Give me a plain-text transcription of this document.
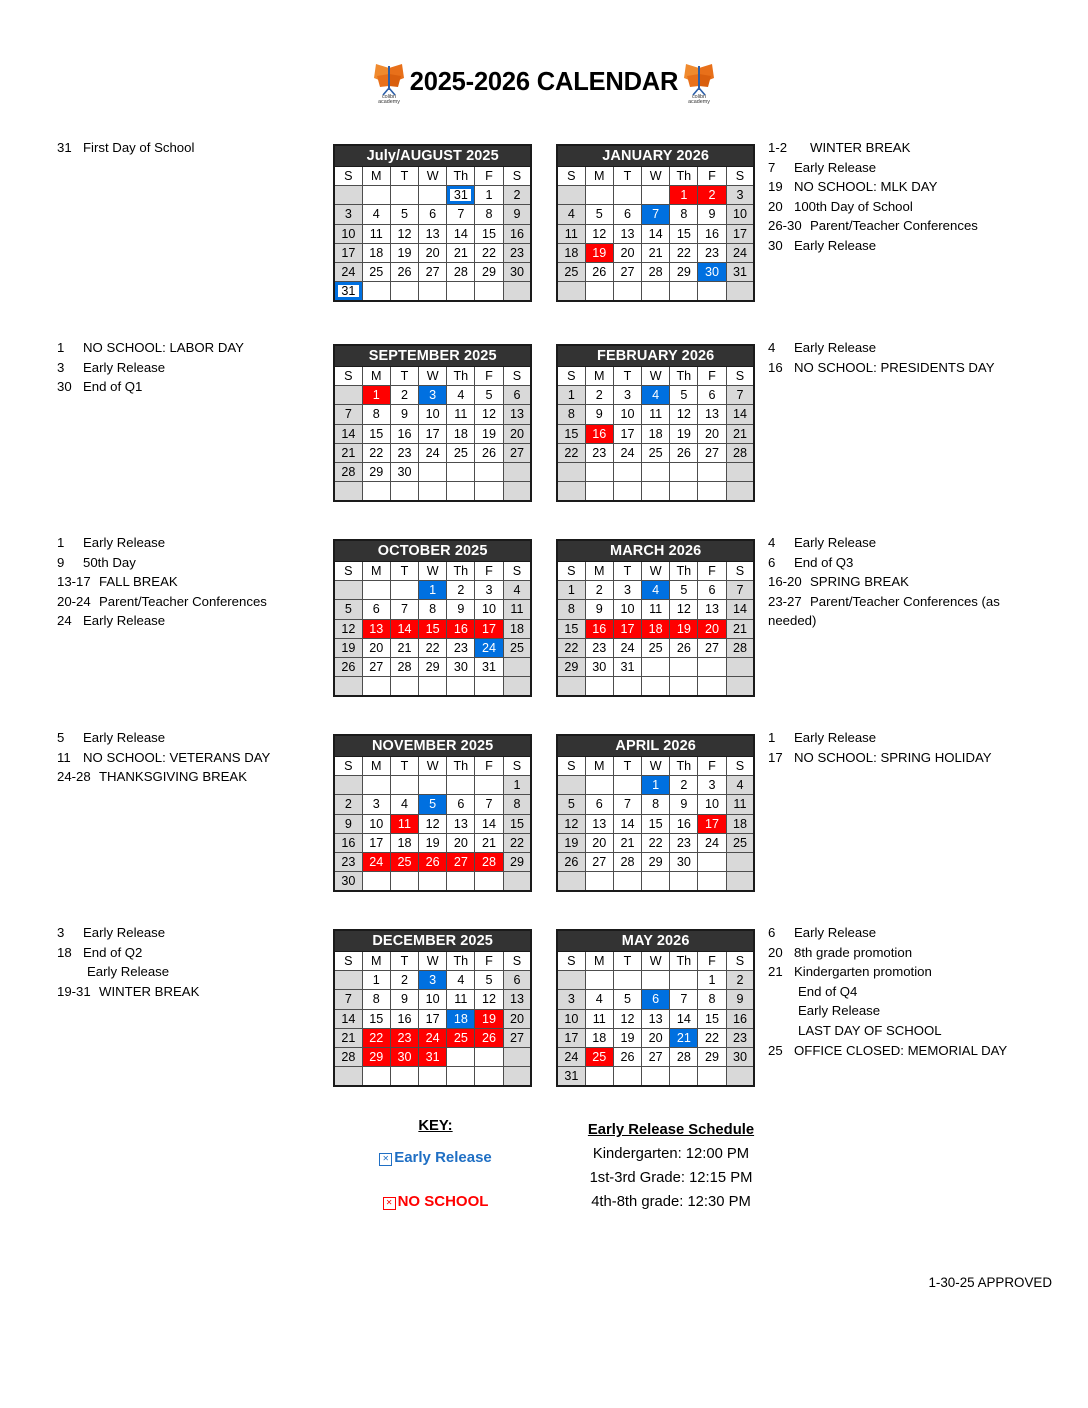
colibri
academy
2025-2026 CALENDAR
colibri
academy
31 First Day of School
July/AUGUST 2025						
S	M	T	W	Th	F	S
				31	1	2
3	4	5	6	7	8	9
10	11	12	13	14	15	16
17	18	19	20	21	22	23
24	25	26	27	28	29	30
31						
JANUARY 2026						
S	M	T	W	Th	F	S
				1	2	3
4	5	6	7	8	9	10
11	12	13	14	15	16	17
18	19	20	21	22	23	24
25	26	27	28	29	30	31

1-2 WINTER BREAK
7 Early Release
19 NO SCHOOL: MLK DAY
20 100th Day of School
26-30 Parent/Teacher Conferences
30 Early Release
1 NO SCHOOL: LABOR DAY
3 Early Release
30 End of Q1
SEPTEMBER 2025						
S	M	T	W	Th	F	S
	1	2	3	4	5	6
7	8	9	10	11	12	13
14	15	16	17	18	19	20
21	22	23	24	25	26	27
28	29	30				

FEBRUARY 2026						
S	M	T	W	Th	F	S
1	2	3	4	5	6	7
8	9	10	11	12	13	14
15	16	17	18	19	20	21
22	23	24	25	26	27	28

4 Early Release
16 NO SCHOOL: PRESIDENTS DAY
1 Early Release
9 50th Day
13-17 FALL BREAK
20-24 Parent/Teacher Conferences
24 Early Release
OCTOBER 2025						
S	M	T	W	Th	F	S
			1	2	3	4
5	6	7	8	9	10	11
12	13	14	15	16	17	18
19	20	21	22	23	24	25
26	27	28	29	30	31	

MARCH 2026						
S	M	T	W	Th	F	S
1	2	3	4	5	6	7
8	9	10	11	12	13	14
15	16	17	18	19	20	21
22	23	24	25	26	27	28
29	30	31				

4 Early Release
6 End of Q3
16-20 SPRING BREAK
23-27 Parent/Teacher Conferences (as needed)
5 Early Release
11 NO SCHOOL: VETERANS DAY
24-28 THANKSGIVING BREAK
NOVEMBER 2025						
S	M	T	W	Th	F	S
						1
2	3	4	5	6	7	8
9	10	11	12	13	14	15
16	17	18	19	20	21	22
23	24	25	26	27	28	29
30						
APRIL 2026						
S	M	T	W	Th	F	S
			1	2	3	4
5	6	7	8	9	10	11
12	13	14	15	16	17	18
19	20	21	22	23	24	25
26	27	28	29	30		

1 Early Release
17 NO SCHOOL: SPRING HOLIDAY
3 Early Release
18 End of Q2
Early Release
19-31 WINTER BREAK
DECEMBER 2025						
S	M	T	W	Th	F	S
	1	2	3	4	5	6
7	8	9	10	11	12	13
14	15	16	17	18	19	20
21	22	23	24	25	26	27
28	29	30	31			

MAY 2026						
S	M	T	W	Th	F	S
					1	2
3	4	5	6	7	8	9
10	11	12	13	14	15	16
17	18	19	20	21	22	23
24	25	26	27	28	29	30
31						
6 Early Release
20 8th grade promotion
21 Kindergarten promotion
End of Q4
Early Release
LAST DAY OF SCHOOL
25 OFFICE CLOSED: MEMORIAL DAY
KEY:
✕ Early Release
✕ NO SCHOOL
Early Release Schedule
Kindergarten: 12:00 PM
1st-3rd Grade: 12:15 PM
4th-8th grade: 12:30 PM
1-30-25 APPROVED
